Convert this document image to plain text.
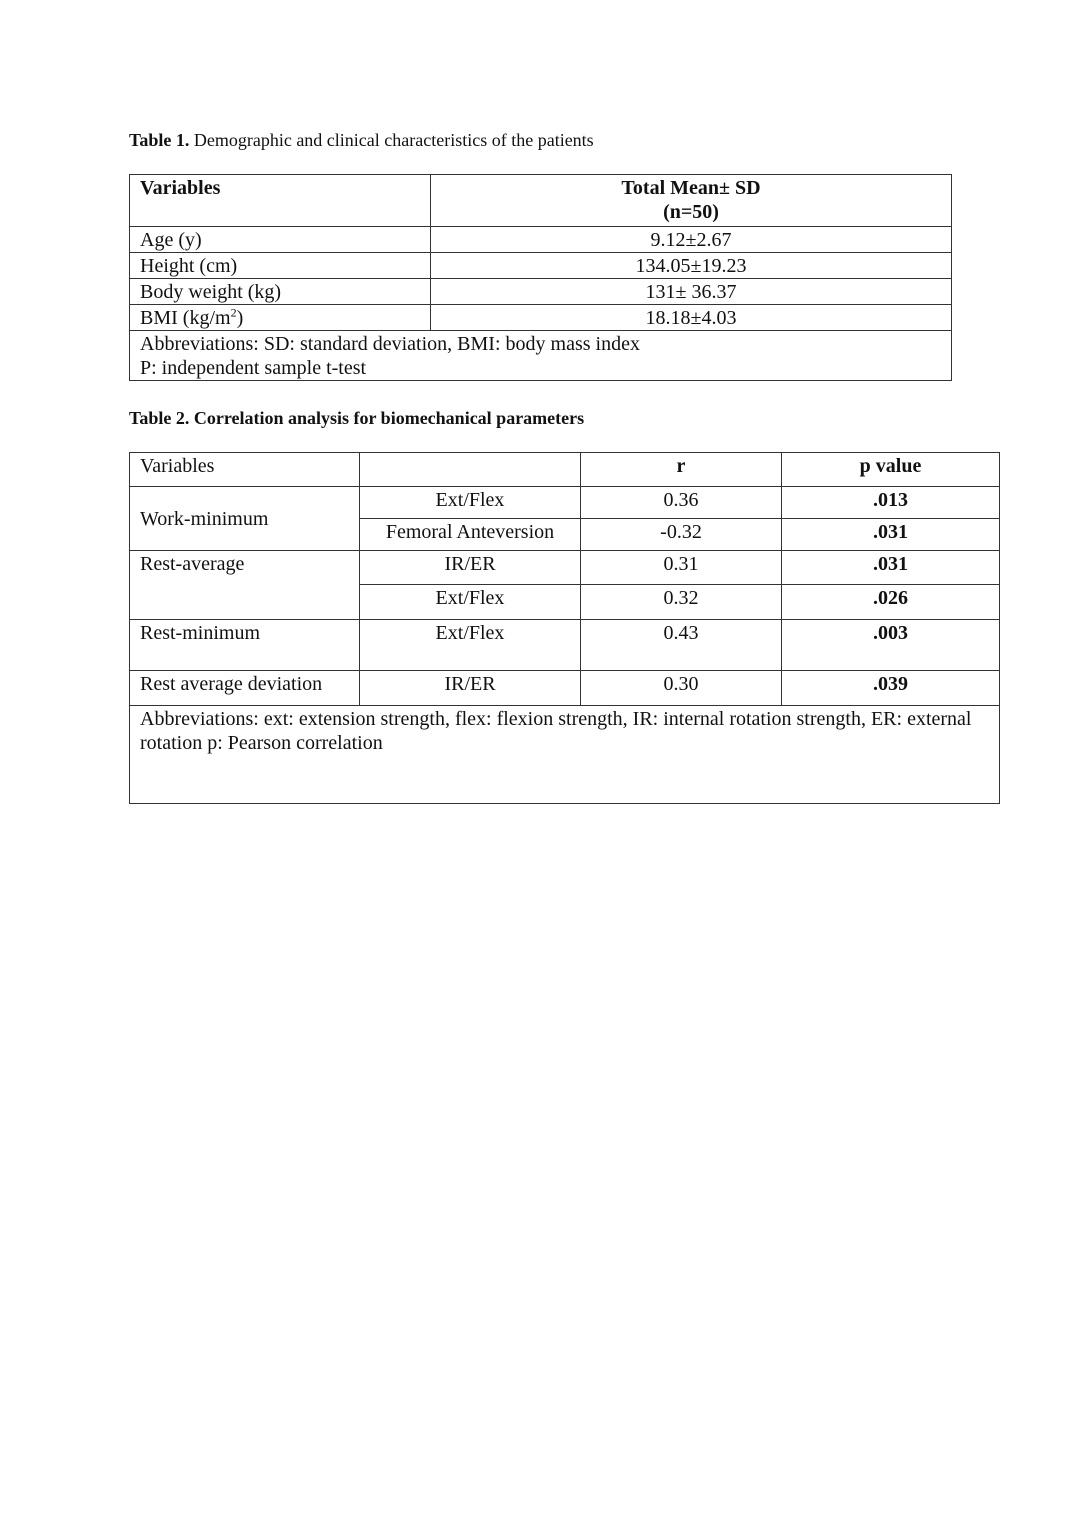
Table 1. Demographic and clinical characteristics of the patients
Variables	Total Mean± SD
(n=50)

Age (y)	9.12±2.67
Height (cm)	134.05±19.23
Body weight (kg)	131± 36.37
BMI $(kg/m^2)$	18.18±4.03

Abbreviations: SD: standard deviation, BMI: body mass index
P: independent sample t-test	
Table 2. Correlation analysis for biomechanical parameters
Variables		r	p value
Work-minimum	Ext/Flex	0.36	.013
	Femoral Anteversion	-0.32	.031
Rest-average	IR/ER	0.31	.031
	Ext/Flex	0.32	.026
Rest-minimum	Ext/Flex	0.43	.003
Rest average deviation	IR/ER	0.30	.039
Abbreviations: ext: extension strength, flex: flexion strength, IR: internal rotation strength, ER: external rotation p: Pearson correlation			
